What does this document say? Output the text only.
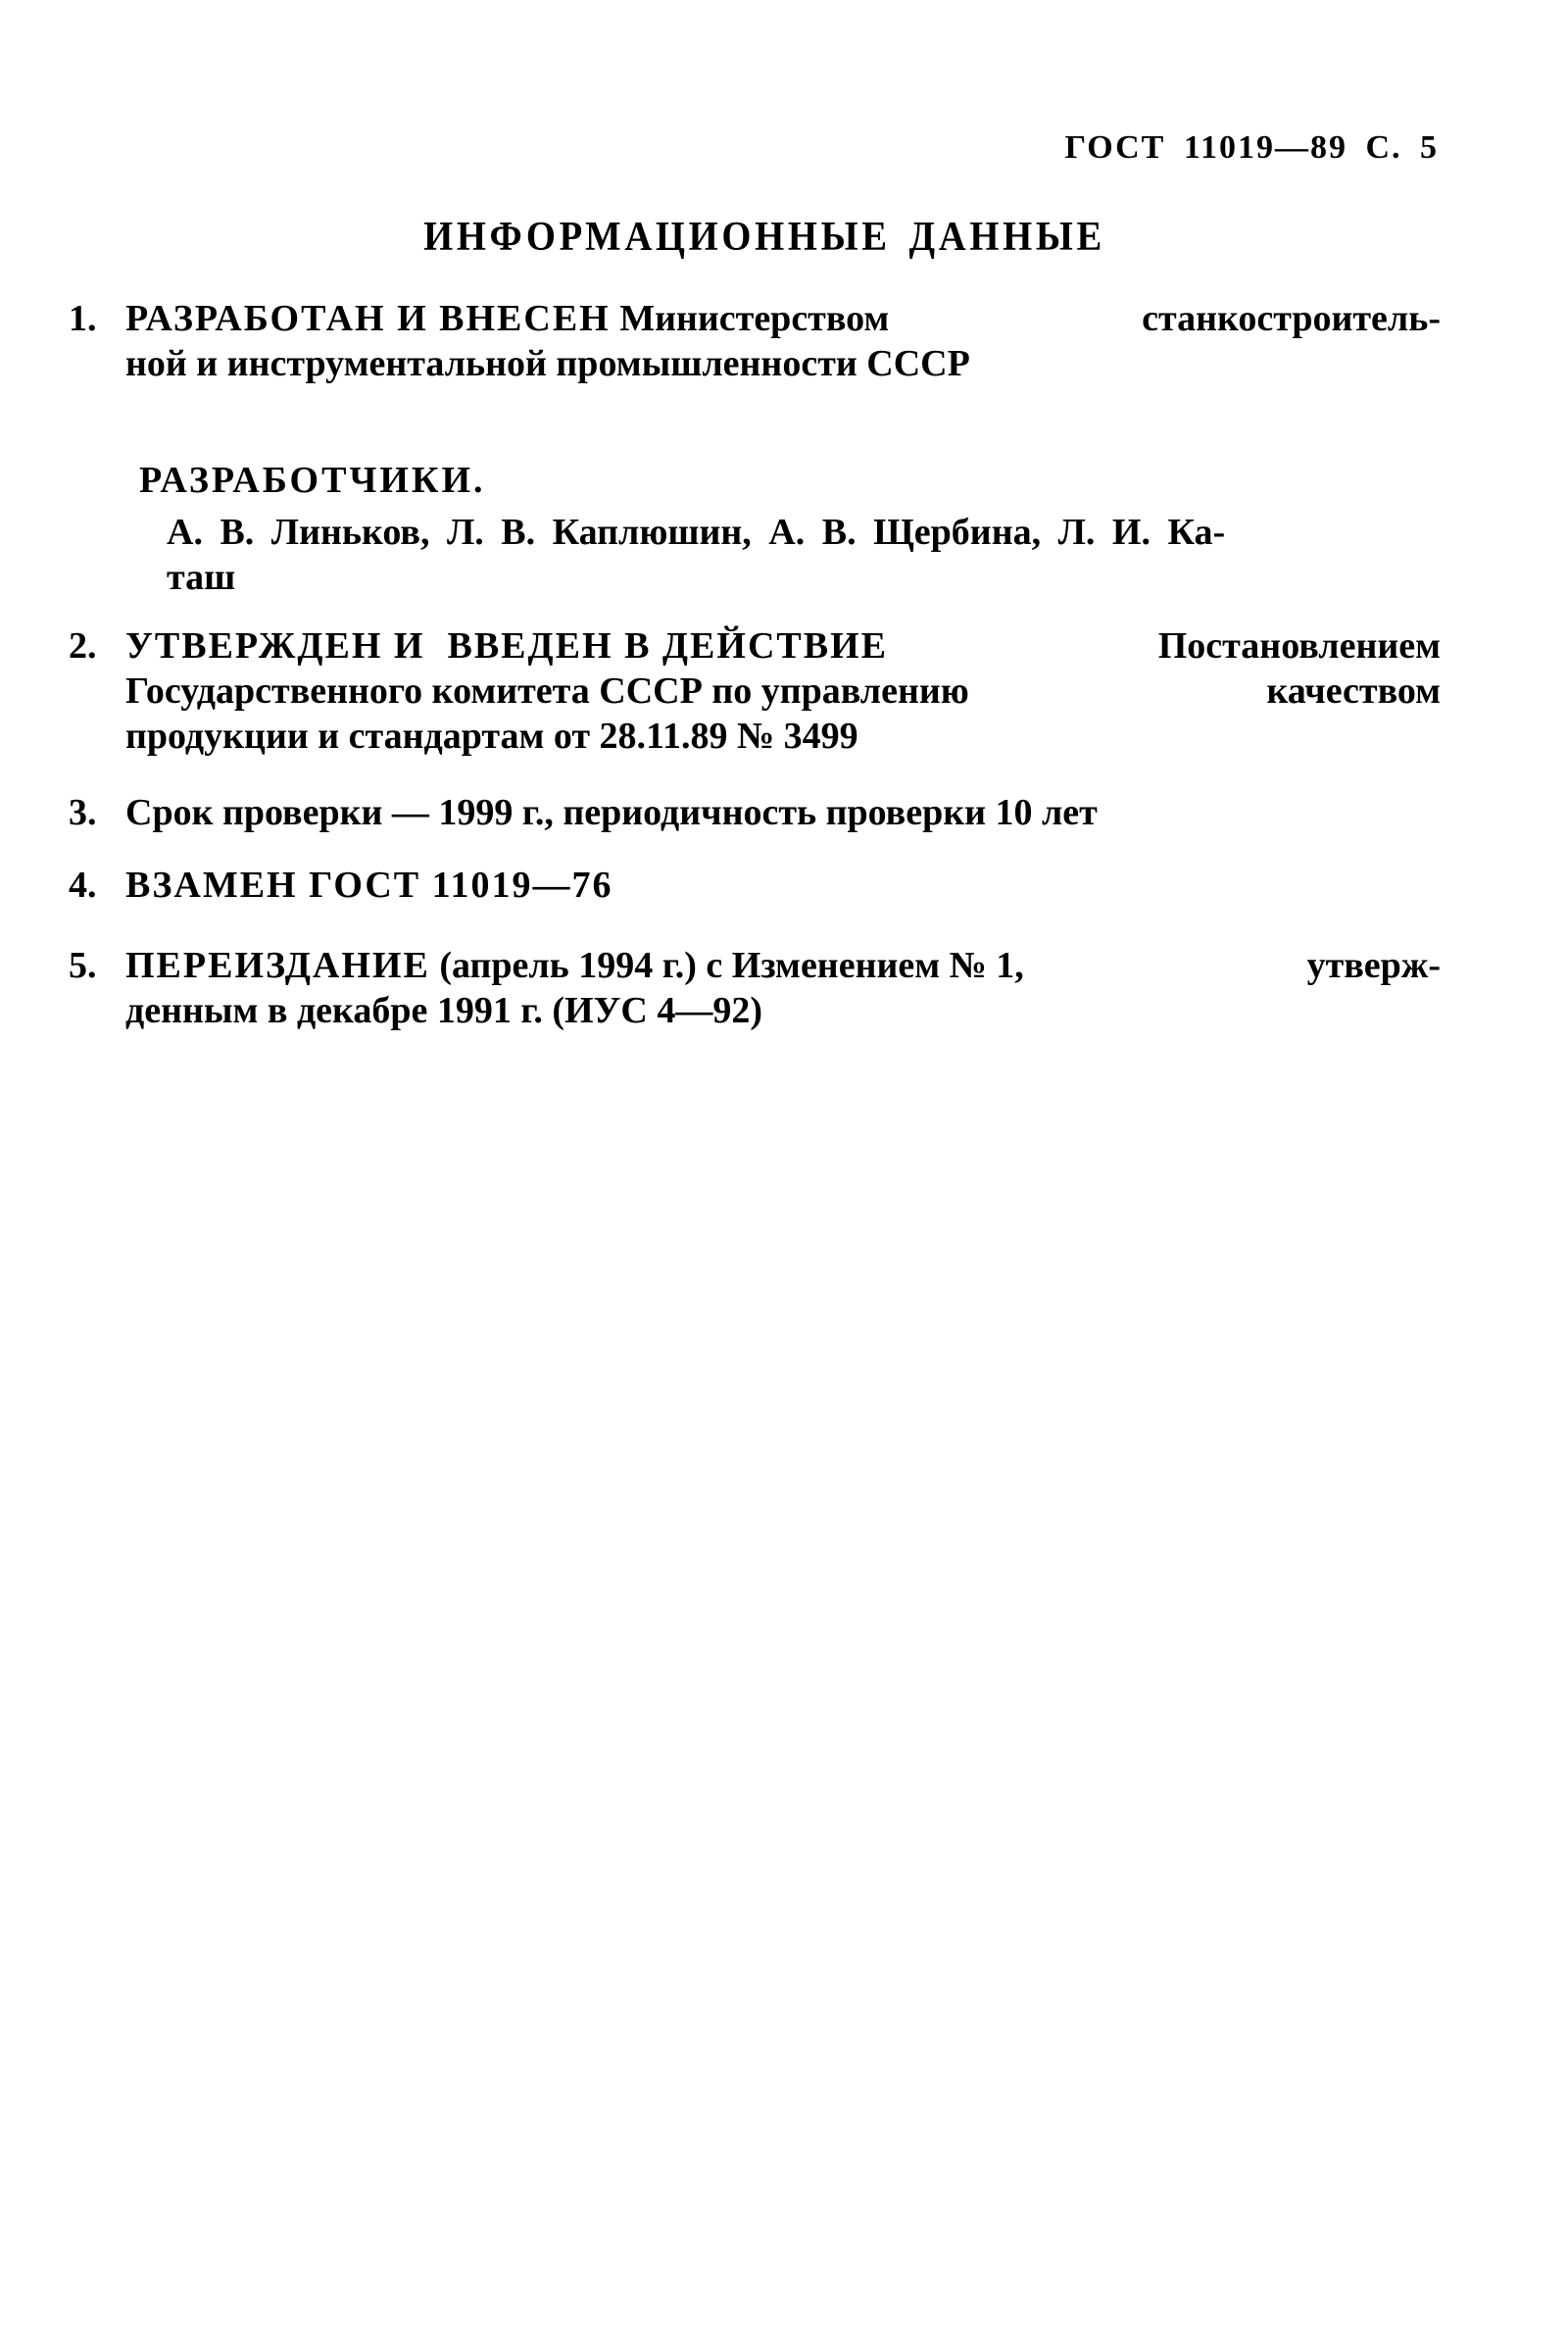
ГОСТ 11019—89 С. 5
ИНФОРМАЦИОННЫЕ ДАННЫЕ
1. РАЗРАБОТАН И ВНЕСЕН Министерством	станкостроитель-
ной и инструментальной промышленности СССР
РАЗРАБОТЧИКИ.
А. В. Линьков, Л. В. Каплюшин, А. В. Щербина, Л. И. Ка-
таш
2. УТВЕРЖДЕН И  ВВЕДЕН В ДЕЙСТВИЕ	Постановлением
Государственного комитета СССР по управлению	качеством
продукции и стандартам от 28.11.89 № 3499
3. Срок проверки — 1999 г., периодичность проверки 10 лет
4. ВЗАМЕН ГОСТ 11019—76
5. ПЕРЕИЗДАНИЕ (апрель 1994 г.) с Изменением № 1,	утверж-
денным в декабре 1991 г. (ИУС 4—92)
